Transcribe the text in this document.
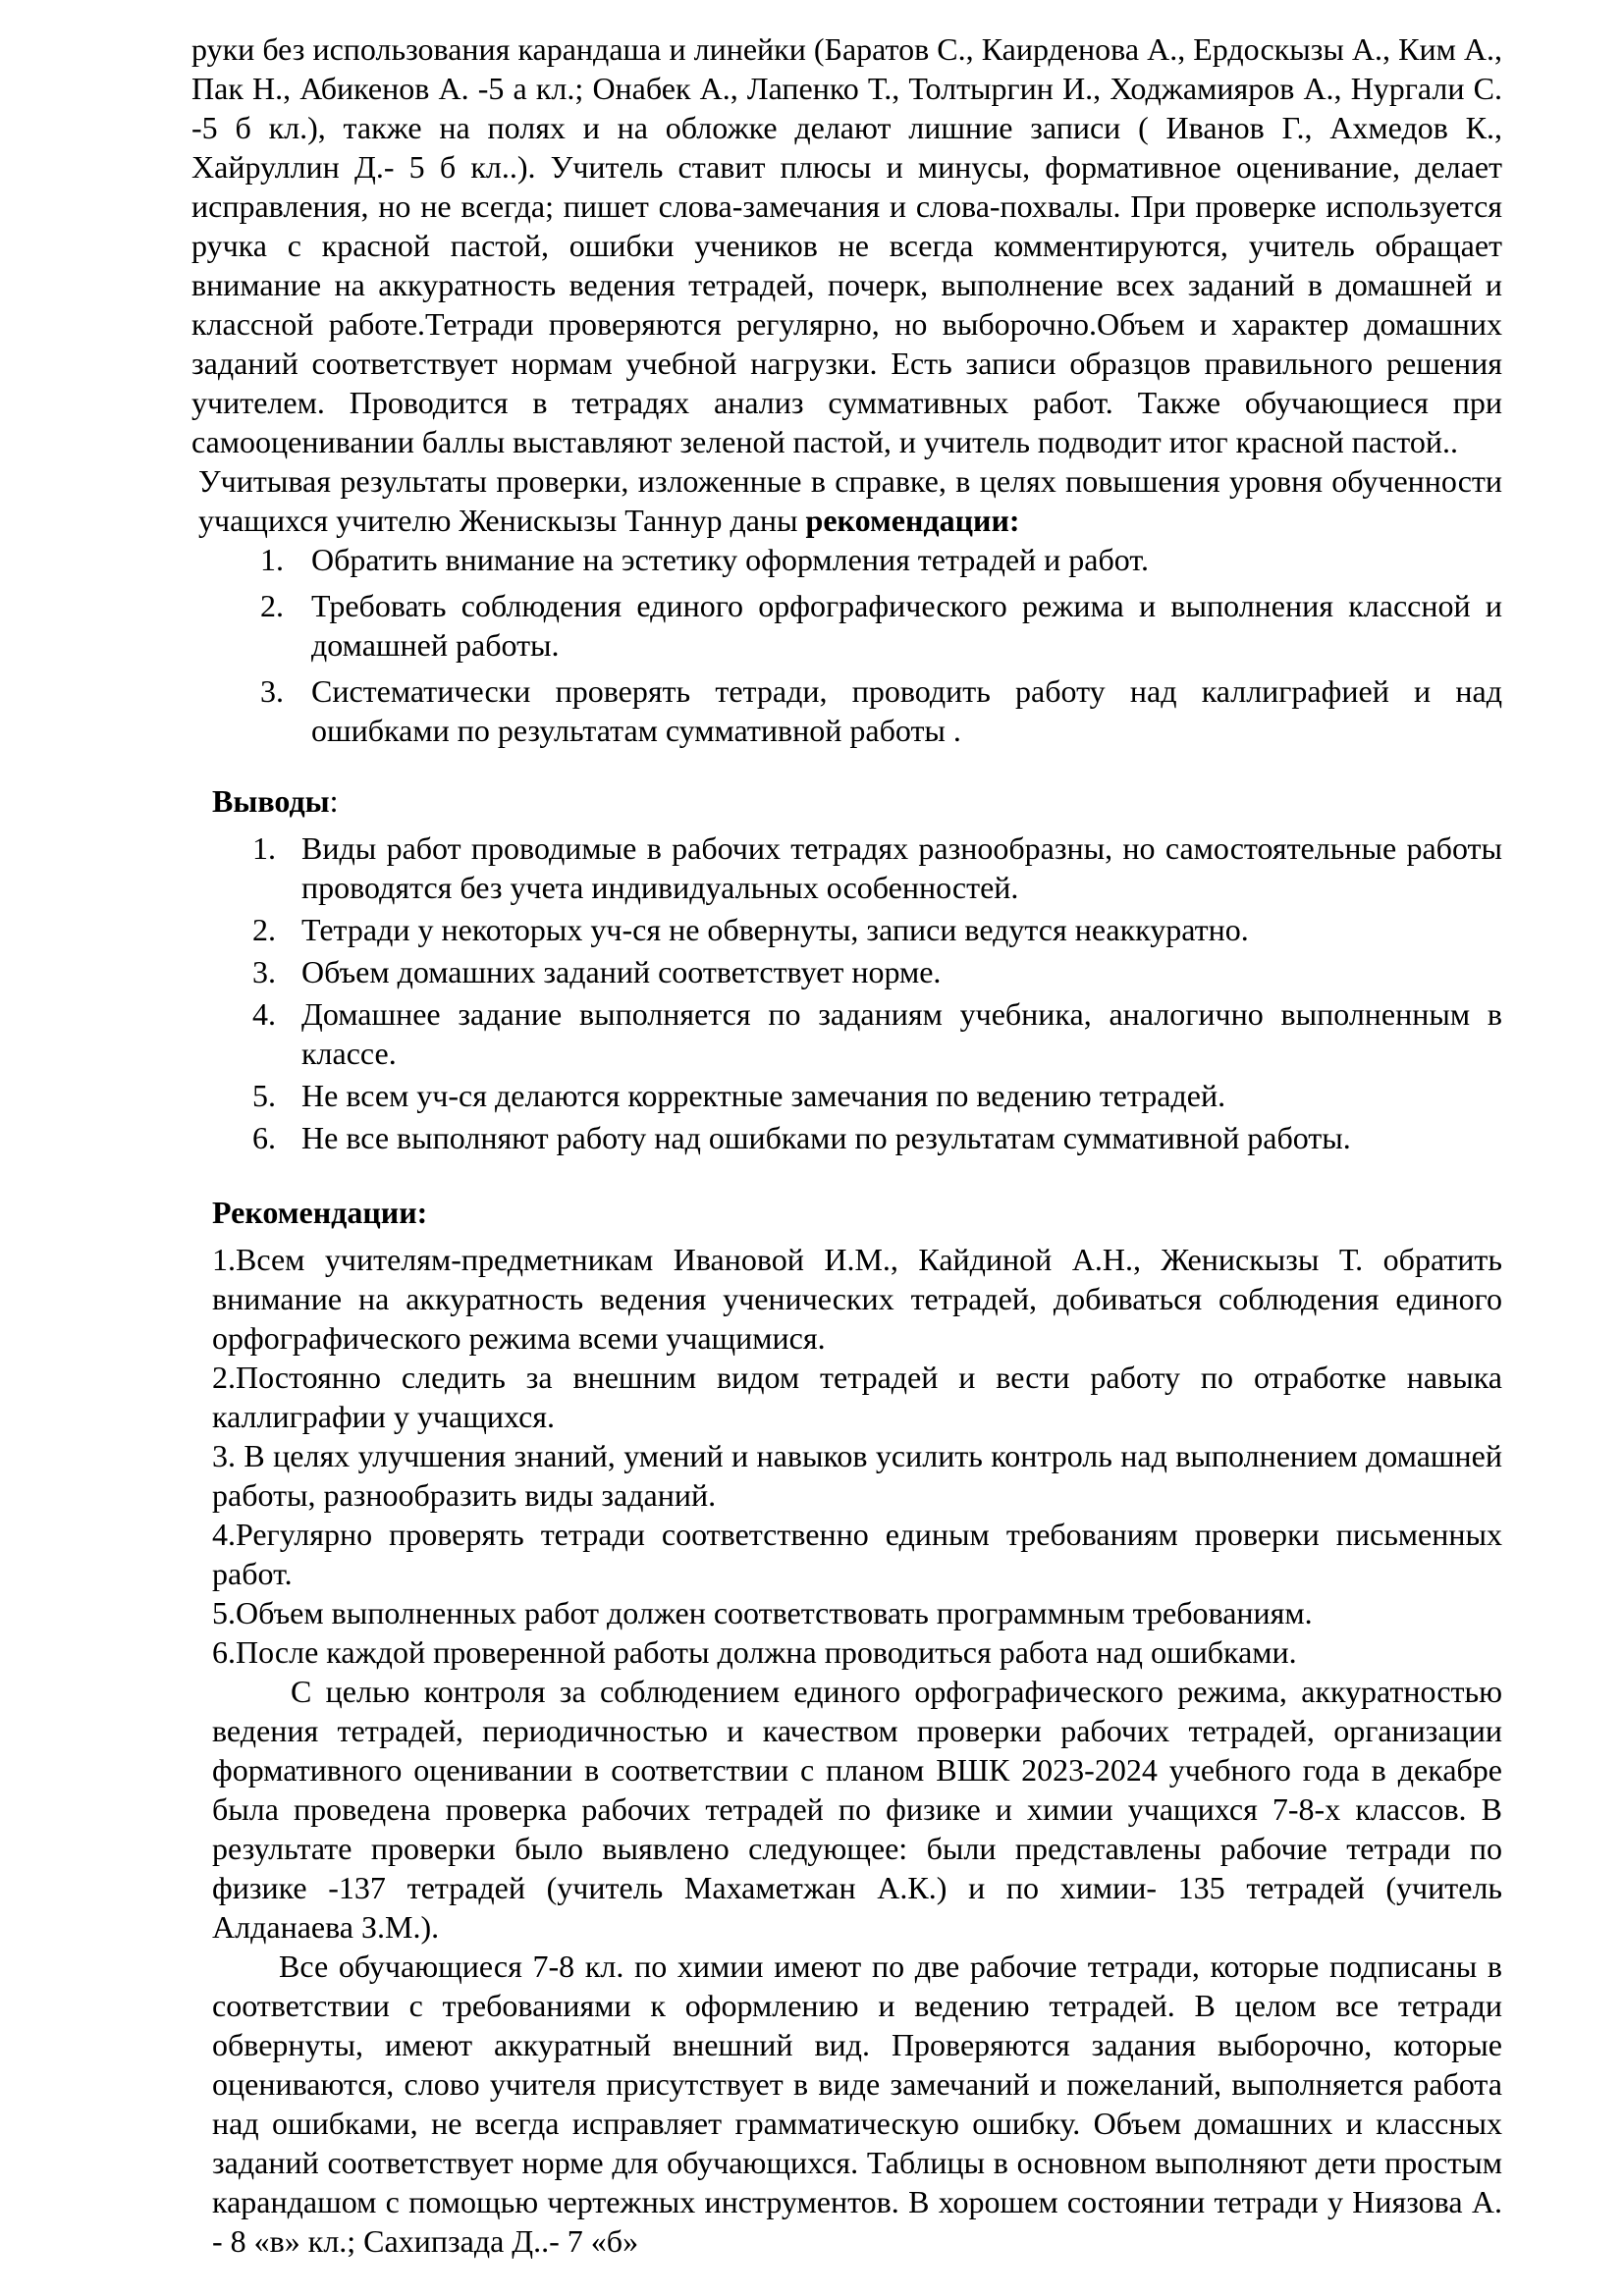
руки без использования карандаша и линейки (Баратов С., Каирденова А., Ердоскызы А., Ким А., Пак Н., Абикенов А. -5 а кл.; Онабек А., Лапенко Т., Толтыргин И., Ходжамияров А., Нургали С. -5 б кл.), также на полях и на обложке делают лишние записи ( Иванов Г., Ахмедов К., Хайруллин Д.- 5 б кл..). Учитель ставит плюсы и минусы, формативное оценивание, делает исправления, но не всегда; пишет слова-замечания и слова-похвалы. При проверке используется ручка с красной пастой, ошибки учеников не всегда комментируются, учитель обращает внимание на аккуратность ведения тетрадей, почерк, выполнение всех заданий в домашней и классной работе.Тетради проверяются регулярно, но выборочно.Объем и характер домашних заданий соответствует нормам учебной нагрузки. Есть записи образцов правильного решения учителем. Проводится в тетрадях анализ суммативных работ. Также обучающиеся при самооценивании баллы выставляют зеленой пастой, и учитель подводит итог красной пастой..

Учитывая результаты проверки, изложенные в справке, в целях повышения уровня обученности учащихся учителю Женискызы Таннур даны рекомендации:

Обратить внимание на эстетику оформления тетрадей и работ.
Требовать соблюдения единого орфографического режима и выполнения классной и домашней работы.
Систематически проверять тетради, проводить работу над каллиграфией и над ошибками по результатам суммативной работы .

Выводы:

Виды работ проводимые в рабочих тетрадях разнообразны, но самостоятельные работы проводятся без учета индивидуальных особенностей.
Тетради у некоторых уч-ся не обвернуты, записи ведутся неаккуратно.
Объем домашних заданий соответствует норме.
Домашнее задание выполняется по заданиям учебника, аналогично выполненным в классе.
Не всем уч-ся делаются корректные замечания по ведению тетрадей.
Не все выполняют работу над ошибками по результатам суммативной работы.

Рекомендации:

1.Всем учителям-предметникам Ивановой И.М., Кайдиной А.Н., Женискызы Т. обратить внимание на аккуратность ведения ученических тетрадей, добиваться соблюдения единого орфографического режима всеми учащимися.

2.Постоянно следить за внешним видом тетрадей и вести работу по отработке навыка каллиграфии у учащихся.

3. В целях улучшения знаний, умений и навыков усилить контроль над выполнением домашней работы, разнообразить виды заданий.

4.Регулярно проверять тетради соответственно единым требованиям проверки письменных работ.

5.Объем выполненных работ должен соответствовать программным требованиям.

6.После каждой проверенной работы должна проводиться работа над ошибками.

С целью контроля за соблюдением единого орфографического режима, аккуратностью ведения тетрадей, периодичностью и качеством проверки рабочих тетрадей, организации формативного оценивании в соответствии с планом ВШК 2023-2024 учебного года в декабре была проведена проверка рабочих тетрадей по физике и химии учащихся 7-8-х классов. В результате проверки было выявлено следующее: были представлены рабочие тетради по физике -137 тетрадей (учитель Махаметжан А.К.) и по химии- 135 тетрадей (учитель Алданаева З.М.).

Все обучающиеся 7-8 кл. по химии имеют по две рабочие тетради, которые подписаны в соответствии с требованиями к оформлению и ведению тетрадей. В целом все тетради обвернуты, имеют аккуратный внешний вид. Проверяются задания выборочно, которые оцениваются, слово учителя присутствует в виде замечаний и пожеланий, выполняется работа над ошибками, не всегда исправляет грамматическую ошибку. Объем домашних и классных заданий соответствует норме для обучающихся. Таблицы в основном выполняют дети простым карандашом с помощью чертежных инструментов. В хорошем состоянии тетради у Ниязова А. - 8 «в» кл.; Сахипзада Д..- 7 «б»
